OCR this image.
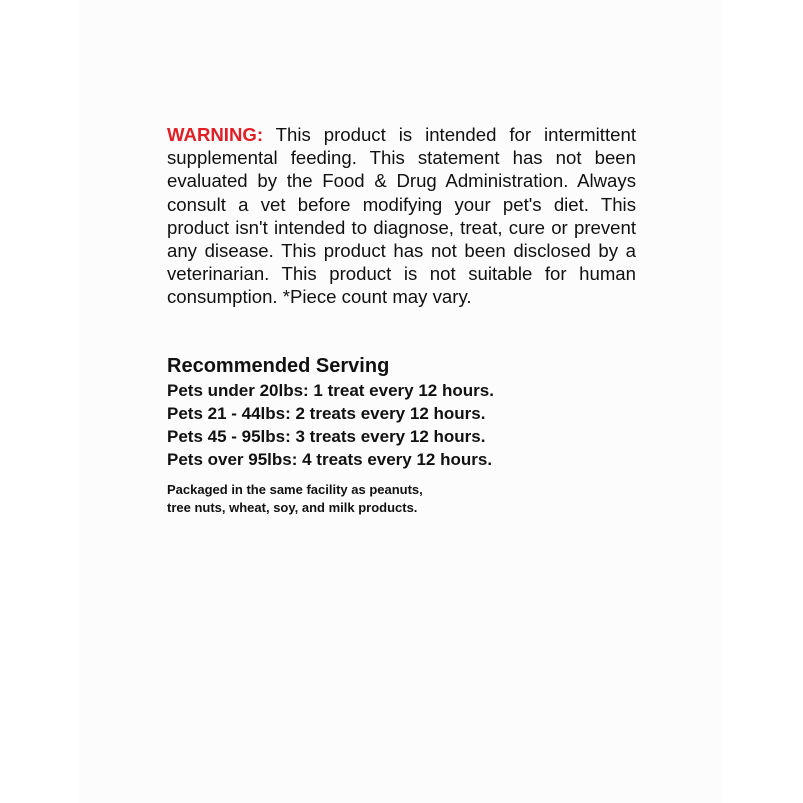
WARNING: This product is intended for intermittent supplemental feeding. This statement has not been evaluated by the Food & Drug Administration. Always consult a vet before modifying your pet's diet. This product isn't intended to diagnose, treat, cure or prevent any disease. This product has not been disclosed by a veterinarian. This product is not suitable for human consumption. *Piece count may vary.

Recommended Serving
Pets under 20lbs: 1 treat every 12 hours.
Pets 21 - 44lbs: 2 treats every 12 hours.
Pets 45 - 95lbs: 3 treats every 12 hours.
Pets over 95lbs: 4 treats every 12 hours.
Packaged in the same facility as peanuts,
tree nuts, wheat, soy, and milk products.
